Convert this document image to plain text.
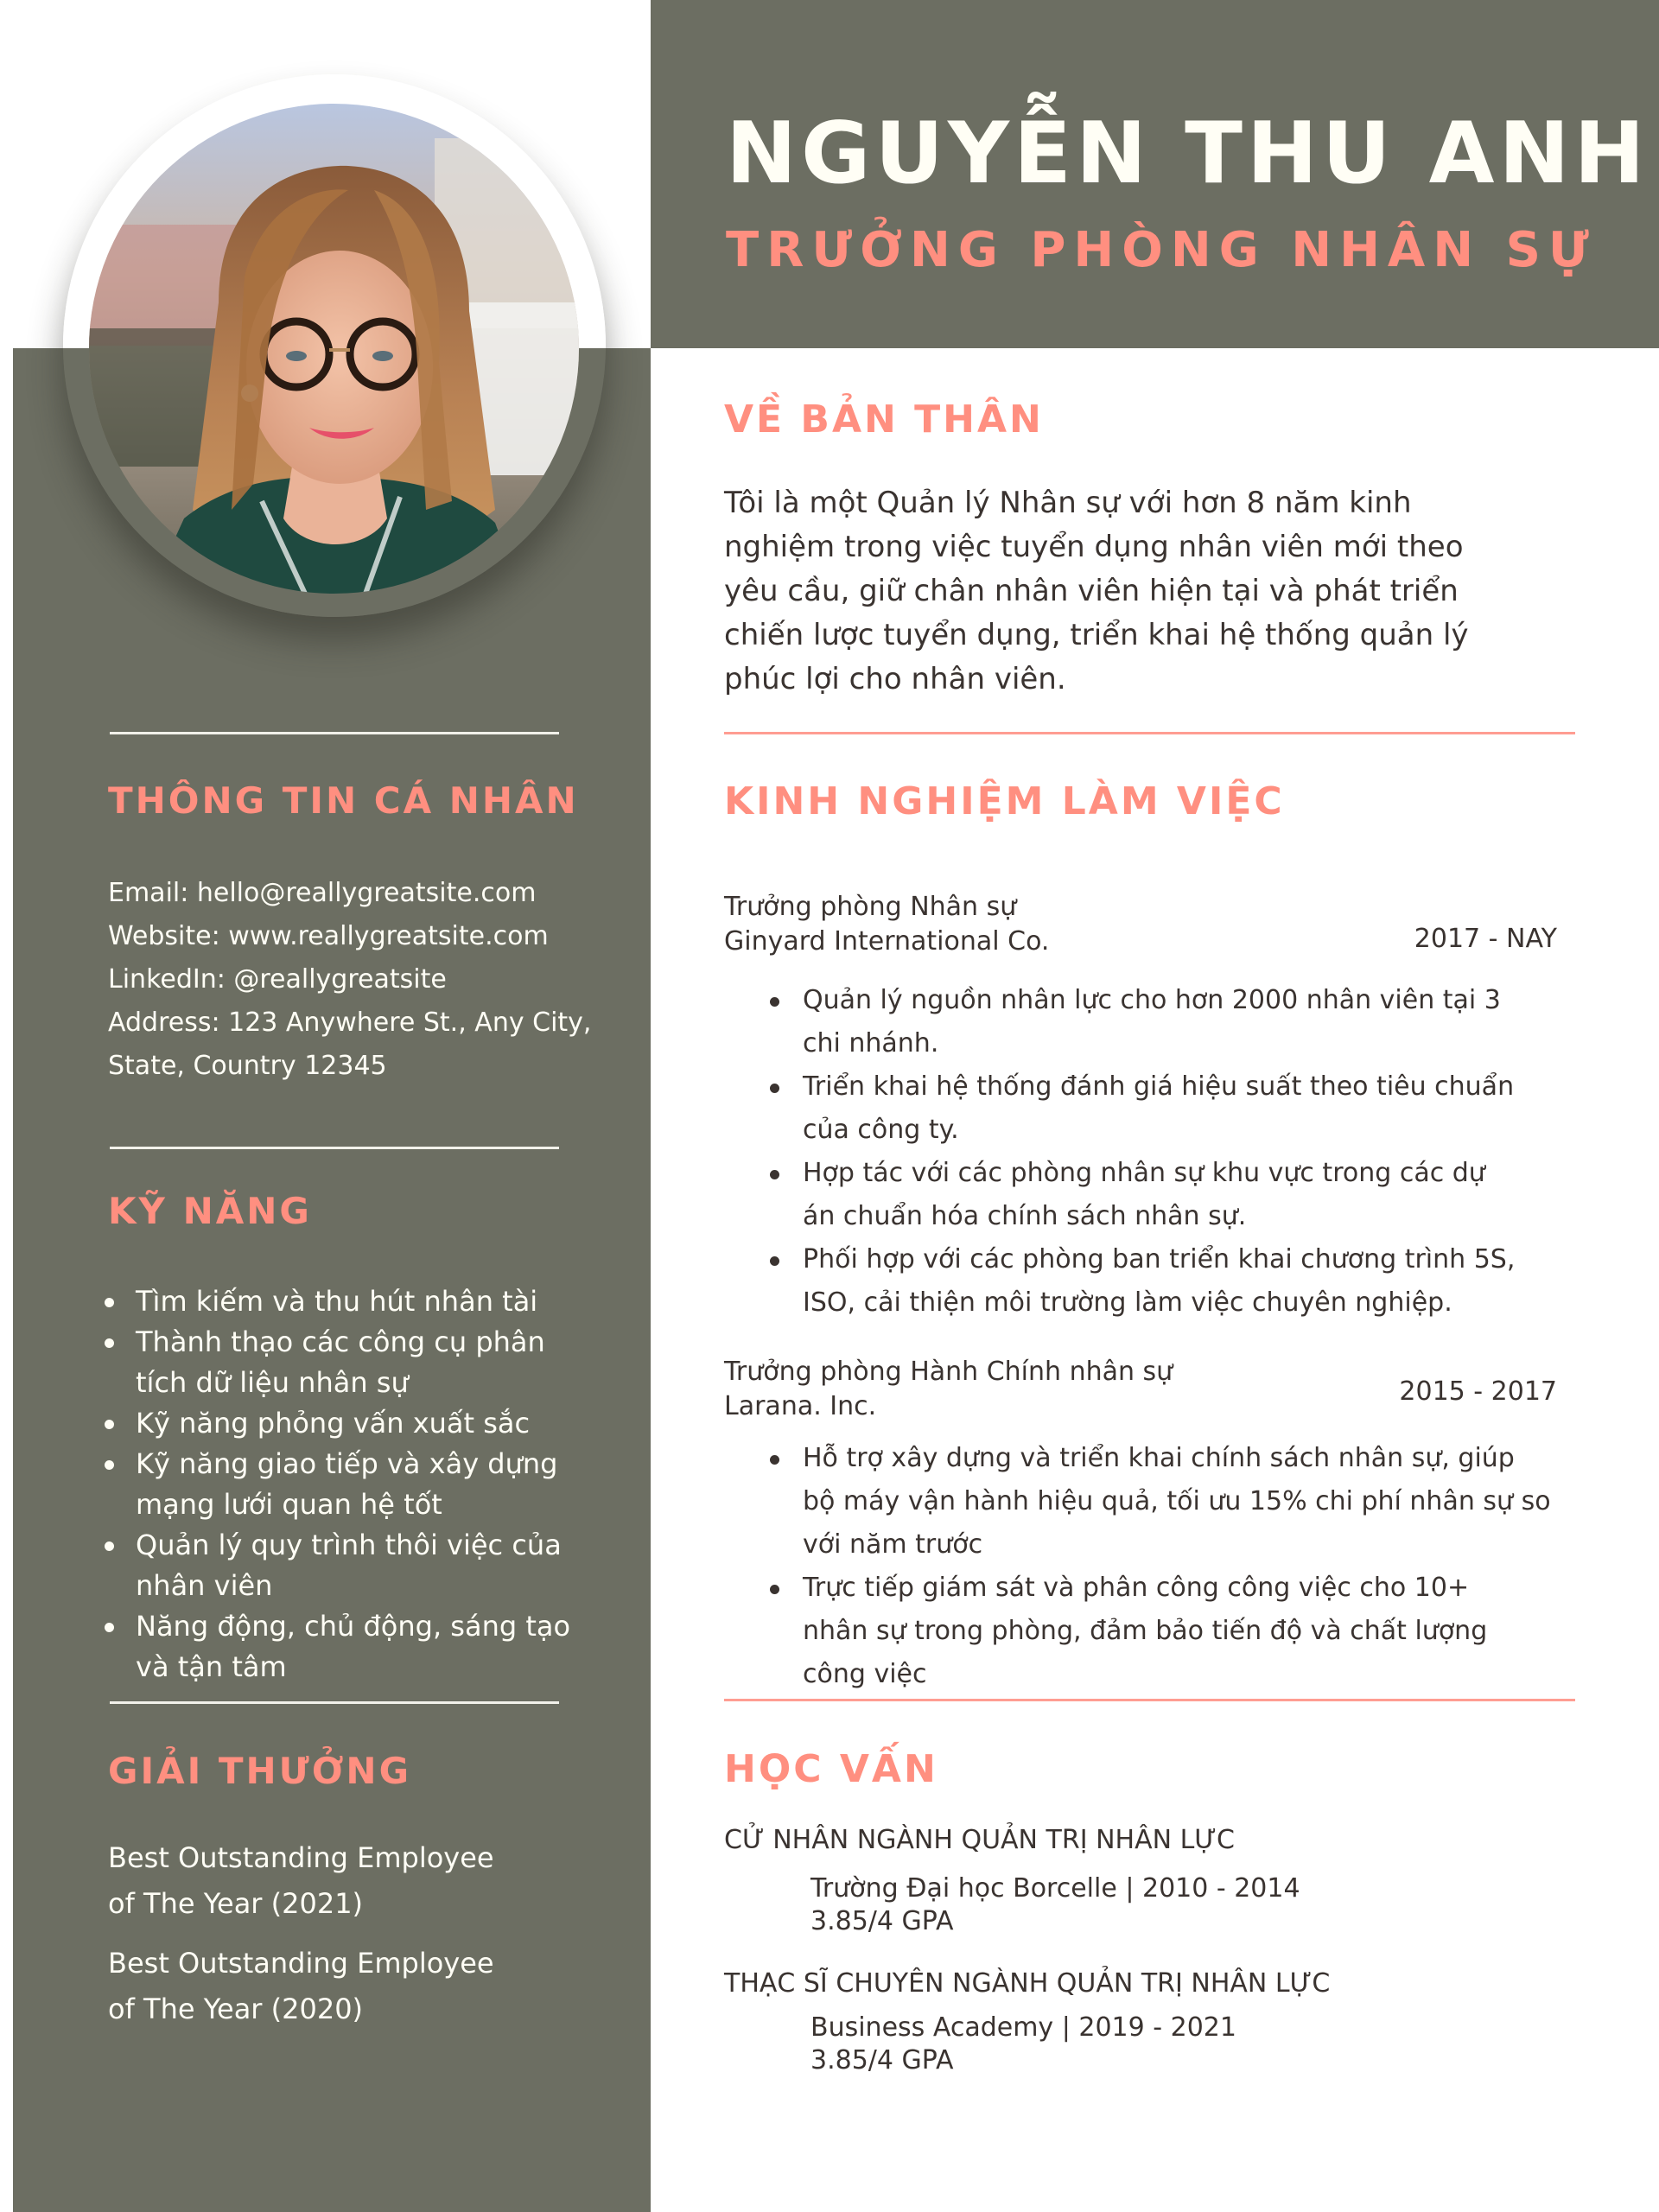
NGUYỄN THU ANH
TRƯỞNG PHÒNG NHÂN SỰ
VỀ BẢN THÂN
Tôi là một Quản lý Nhân sự với hơn 8 năm kinh
nghiệm trong việc tuyển dụng nhân viên mới theo
yêu cầu, giữ chân nhân viên hiện tại và phát triển
chiến lược tuyển dụng, triển khai hệ thống quản lý
phúc lợi cho nhân viên.
KINH NGHIỆM LÀM VIỆC
Trưởng phòng Nhân sự
Ginyard International Co.	2017 - NAY
Quản lý nguồn nhân lực cho hơn 2000 nhân viên tại 3
chi nhánh.
Triển khai hệ thống đánh giá hiệu suất theo tiêu chuẩn
của công ty.
Hợp tác với các phòng nhân sự khu vực trong các dự
án chuẩn hóa chính sách nhân sự.
Phối hợp với các phòng ban triển khai chương trình 5S,
ISO, cải thiện môi trường làm việc chuyên nghiệp.
Trưởng phòng Hành Chính nhân sự
Larana. Inc.	2015 - 2017
Hỗ trợ xây dựng và triển khai chính sách nhân sự, giúp
bộ máy vận hành hiệu quả, tối ưu 15% chi phí nhân sự so
với năm trước
Trực tiếp giám sát và phân công công việc cho 10+
nhân sự trong phòng, đảm bảo tiến độ và chất lượng
công việc
HỌC VẤN
CỬ NHÂN NGÀNH QUẢN TRỊ NHÂN LỰC
Trường Đại học Borcelle | 2010 - 2014
3.85/4 GPA
THẠC SĨ CHUYÊN NGÀNH QUẢN TRỊ NHÂN LỰC
Business Academy | 2019 - 2021
3.85/4 GPA
THÔNG TIN CÁ NHÂN
Email: hello@reallygreatsite.com
Website: www.reallygreatsite.com
LinkedIn: @reallygreatsite
Address: 123 Anywhere St., Any City,
State, Country 12345
KỸ NĂNG
Tìm kiếm và thu hút nhân tài
Thành thạo các công cụ phân
tích dữ liệu nhân sự
Kỹ năng phỏng vấn xuất sắc
Kỹ năng giao tiếp và xây dựng
mạng lưới quan hệ tốt
Quản lý quy trình thôi việc của
nhân viên
Năng động, chủ động, sáng tạo
và tận tâm
GIẢI THƯỞNG
Best Outstanding Employee
of The Year (2021)
Best Outstanding Employee
of The Year (2020)
